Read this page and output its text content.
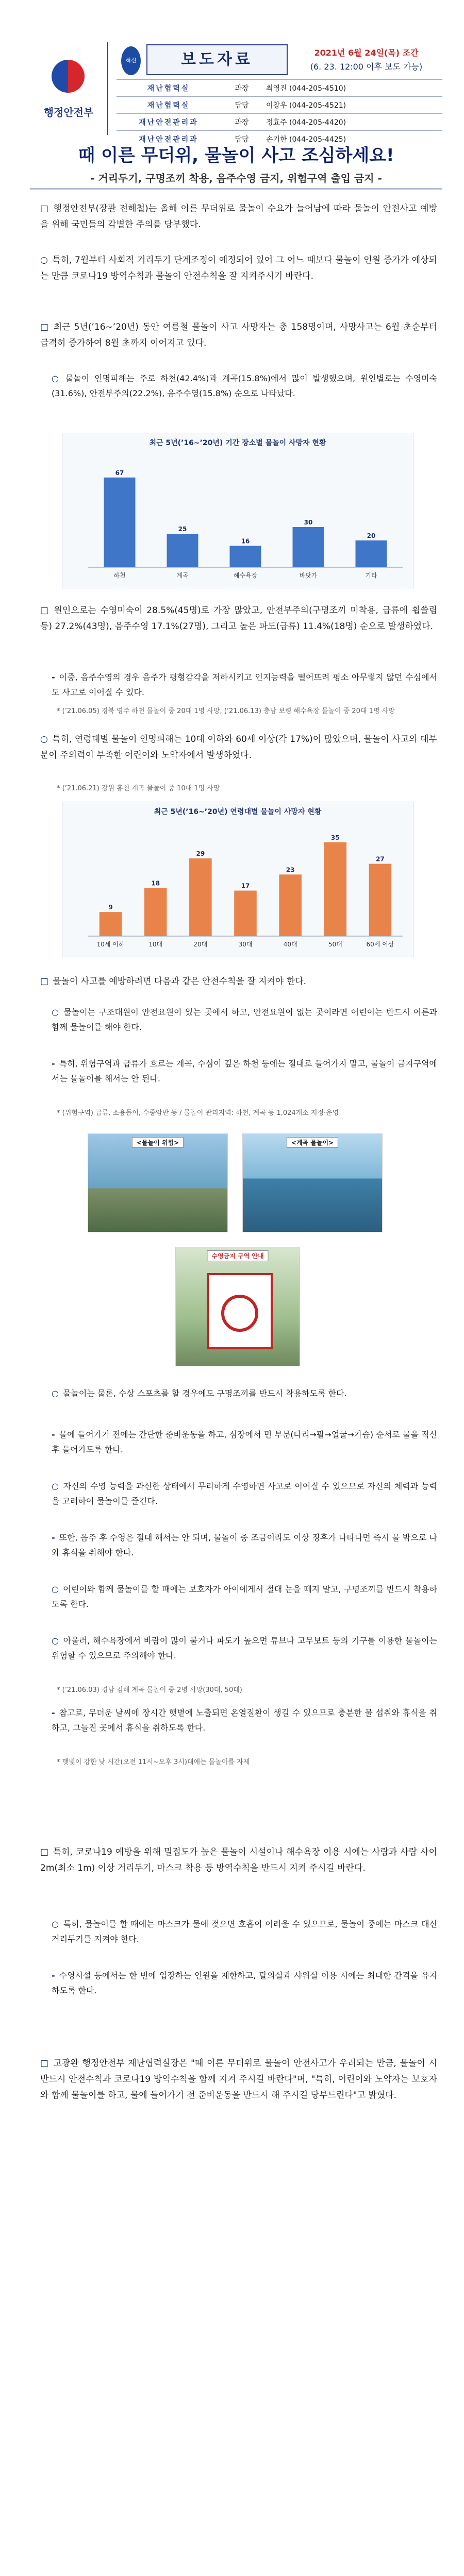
행정안전부
혁신 Korea
보도자료	2021년 6월 24일(목) 조간
(6. 23. 12:00 이후 보도 가능)
재난협력실	과장	최영진 (044-205-4510)
재난협력실	담당	이창우 (044-205-4521)
재난안전관리과	과장	정효주 (044-205-4420)
재난안전관리과	담당	손기한 (044-205-4425)
때 이른 무더위, 물놀이 사고 조심하세요!
- 거리두기, 구명조끼 착용, 음주수영 금지, 위험구역 출입 금지 -
□ 행정안전부(장관 전해철)는 올해 이른 무더위로 물놀이 수요가 늘어남에 따라 물놀이 안전사고 예방을 위해 국민들의 각별한 주의를 당부했다.
○ 특히, 7월부터 사회적 거리두기 단계조정이 예정되어 있어 그 어느 때보다 물놀이 인원 증가가 예상되는 만큼 코로나19 방역수칙과 물놀이 안전수칙을 잘 지켜주시기 바란다.
□ 최근 5년(’16~’20년) 동안 여름철 물놀이 사고 사망자는 총 158명이며, 사망사고는 6월 초순부터 급격히 증가하여 8월 초까지 이어지고 있다.
○ 물놀이 인명피해는 주로 하천(42.4%)과 계곡(15.8%)에서 많이 발생했으며, 원인별로는 수영미숙(31.6%), 안전부주의(22.2%), 음주수영(15.8%) 순으로 나타났다.
최근 5년(’16~’20년) 기간 장소별 물놀이 사망자 현황
67
하천
25
계곡
16
해수욕장
30
바닷가
20
기타
□ 원인으로는 수영미숙이 28.5%(45명)로 가장 많았고, 안전부주의(구명조끼 미착용, 급류에 휩쓸림 등) 27.2%(43명), 음주수영 17.1%(27명), 그리고 높은 파도(급류) 11.4%(18명) 순으로 발생하였다.
- 이중, 음주수영의 경우 음주가 평형감각을 저하시키고 인지능력을 떨어뜨려 평소 아무렇지 않던 수심에서도 사고로 이어질 수 있다.
* (’21.06.05) 경북 영주 하천 물놀이 중 20대 1명 사망, (’21.06.13) 충남 보령 해수욕장 물놀이 중 20대 1명 사망
○ 특히, 연령대별 물놀이 인명피해는 10대 이하와 60세 이상(각 17%)이 많았으며, 물놀이 사고의 대부분이 주의력이 부족한 어린이와 노약자에서 발생하였다.
* (’21.06.21) 강원 홍천 계곡 물놀이 중 10대 1명 사망
최근 5년(’16~’20년) 연령대별 물놀이 사망자 현황
9
10세 이하
18
10대
29
20대
17
30대
23
40대
35
50대
27
60세 이상
□ 물놀이 사고를 예방하려면 다음과 같은 안전수칙을 잘 지켜야 한다.
○ 물놀이는 구조대원이 안전요원이 있는 곳에서 하고, 안전요원이 없는 곳이라면 어린이는 반드시 어른과 함께 물놀이를 해야 한다.
- 특히, 위험구역과 급류가 흐르는 계곡, 수심이 깊은 하천 등에는 절대로 들어가지 말고, 물놀이 금지구역에서는 물놀이를 해서는 안 된다.
* (위험구역) 급류, 소용돌이, 수중암반 등 / 물놀이 관리지역: 하천, 계곡 등 1,024개소 지정·운영
<물놀이 위험>	<계곡 물놀이>
수영금지 구역 안내
○ 물놀이는 물론, 수상 스포츠를 할 경우에도 구명조끼를 반드시 착용하도록 한다.
- 물에 들어가기 전에는 간단한 준비운동을 하고, 심장에서 먼 부분(다리→팔→얼굴→가슴) 순서로 물을 적신 후 들어가도록 한다.
○ 자신의 수영 능력을 과신한 상태에서 무리하게 수영하면 사고로 이어질 수 있으므로 자신의 체력과 능력을 고려하여 물놀이를 즐긴다.
- 또한, 음주 후 수영은 절대 해서는 안 되며, 물놀이 중 조금이라도 이상 징후가 나타나면 즉시 물 밖으로 나와 휴식을 취해야 한다.
○ 어린이와 함께 물놀이를 할 때에는 보호자가 아이에게서 절대 눈을 떼지 말고, 구명조끼를 반드시 착용하도록 한다.
○ 아울러, 해수욕장에서 바람이 많이 불거나 파도가 높으면 튜브나 고무보트 등의 기구를 이용한 물놀이는 위험할 수 있으므로 주의해야 한다.
* (’21.06.03) 경남 김해 계곡 물놀이 중 2명 사망(30대, 50대)
- 참고로, 무더운 날씨에 장시간 햇볕에 노출되면 온열질환이 생길 수 있으므로 충분한 물 섭취와 휴식을 취하고, 그늘진 곳에서 휴식을 취하도록 한다.
* 햇빛이 강한 낮 시간(오전 11시~오후 3시)대에는 물놀이를 자제
□ 특히, 코로나19 예방을 위해 밀접도가 높은 물놀이 시설이나 해수욕장 이용 시에는 사람과 사람 사이 2m(최소 1m) 이상 거리두기, 마스크 착용 등 방역수칙을 반드시 지켜 주시길 바란다.
○ 특히, 물놀이를 할 때에는 마스크가 물에 젖으면 호흡이 어려울 수 있으므로, 물놀이 중에는 마스크 대신 거리두기를 지켜야 한다.
- 수영시설 등에서는 한 번에 입장하는 인원을 제한하고, 탈의실과 샤워실 이용 시에는 최대한 간격을 유지하도록 한다.
□ 고광완 행정안전부 재난협력실장은 "때 이른 무더위로 물놀이 안전사고가 우려되는 만큼, 물놀이 시 반드시 안전수칙과 코로나19 방역수칙을 함께 지켜 주시길 바란다"며, "특히, 어린이와 노약자는 보호자와 함께 물놀이를 하고, 물에 들어가기 전 준비운동을 반드시 해 주시길 당부드린다"고 밝혔다.
